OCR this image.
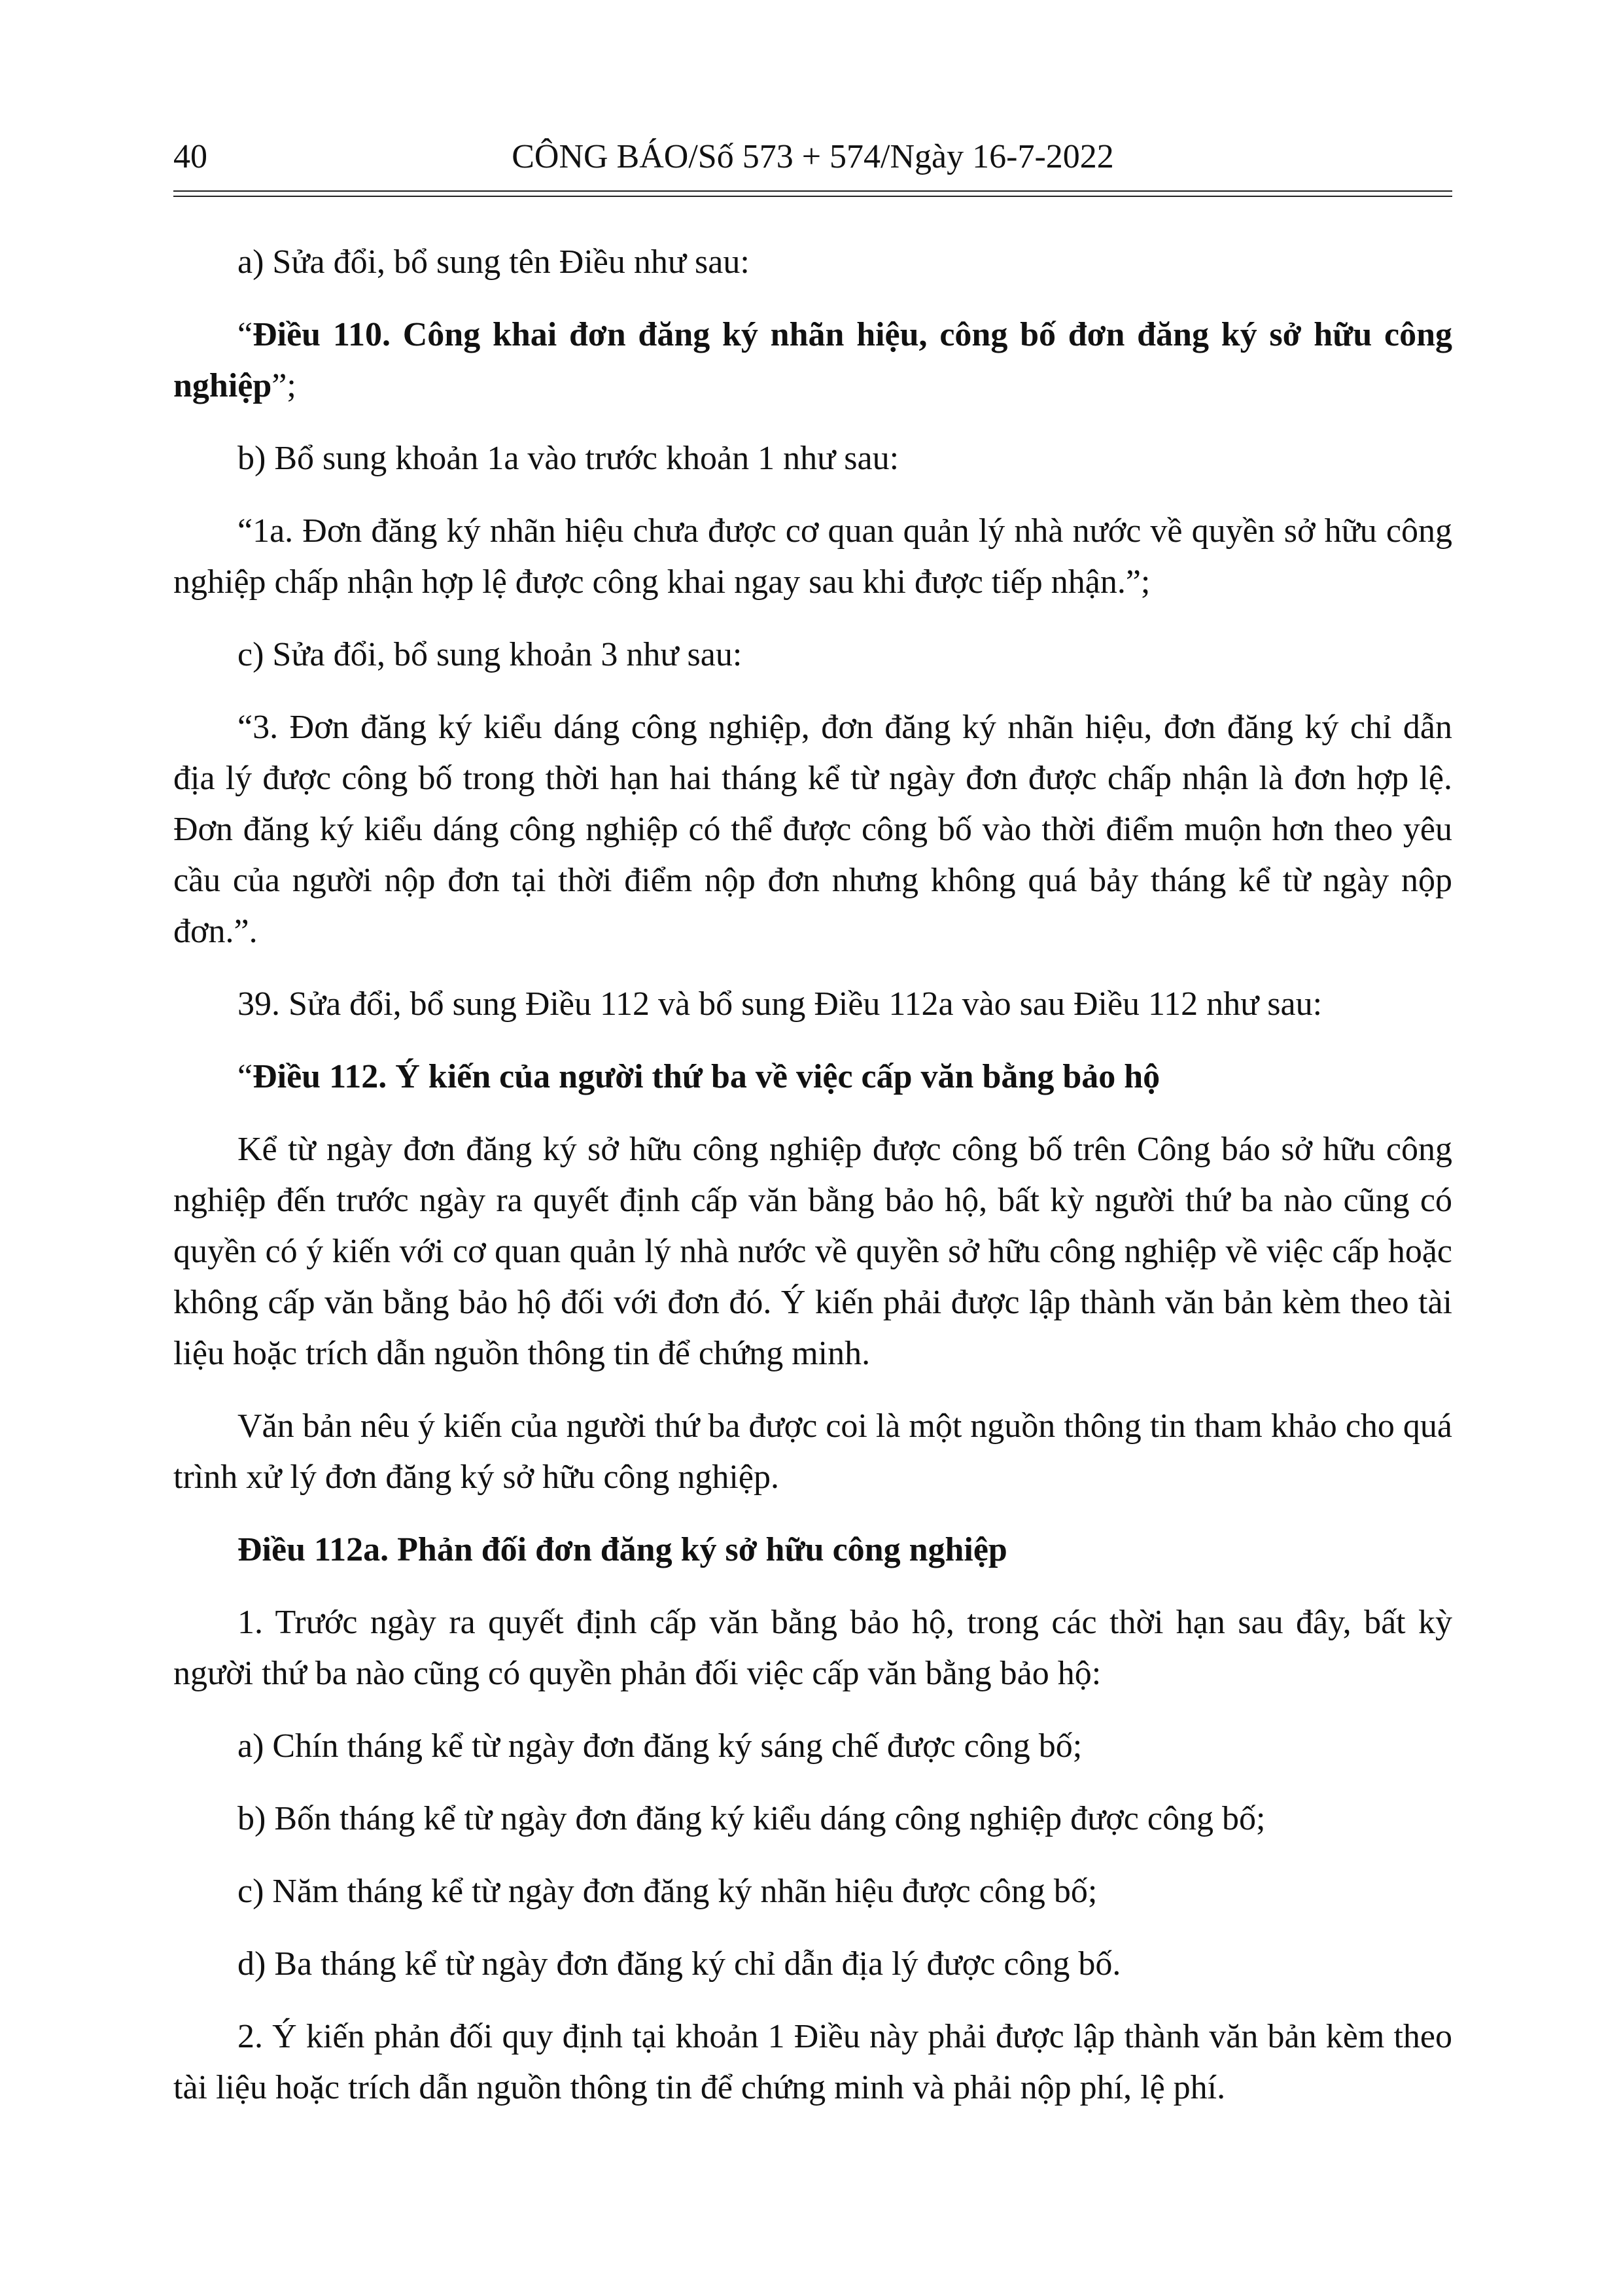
40	CÔNG BÁO/Số 573 + 574/Ngày 16-7-2022

a) Sửa đổi, bổ sung tên Điều như sau:

“Điều 110. Công khai đơn đăng ký nhãn hiệu, công bố đơn đăng ký sở hữu công nghiệp”;

b) Bổ sung khoản 1a vào trước khoản 1 như sau:

“1a. Đơn đăng ký nhãn hiệu chưa được cơ quan quản lý nhà nước về quyền sở hữu công nghiệp chấp nhận hợp lệ được công khai ngay sau khi được tiếp nhận.”;

c) Sửa đổi, bổ sung khoản 3 như sau:

“3. Đơn đăng ký kiểu dáng công nghiệp, đơn đăng ký nhãn hiệu, đơn đăng ký chỉ dẫn địa lý được công bố trong thời hạn hai tháng kể từ ngày đơn được chấp nhận là đơn hợp lệ. Đơn đăng ký kiểu dáng công nghiệp có thể được công bố vào thời điểm muộn hơn theo yêu cầu của người nộp đơn tại thời điểm nộp đơn nhưng không quá bảy tháng kể từ ngày nộp đơn.”.

39. Sửa đổi, bổ sung Điều 112 và bổ sung Điều 112a vào sau Điều 112 như sau:

“Điều 112. Ý kiến của người thứ ba về việc cấp văn bằng bảo hộ

Kể từ ngày đơn đăng ký sở hữu công nghiệp được công bố trên Công báo sở hữu công nghiệp đến trước ngày ra quyết định cấp văn bằng bảo hộ, bất kỳ người thứ ba nào cũng có quyền có ý kiến với cơ quan quản lý nhà nước về quyền sở hữu công nghiệp về việc cấp hoặc không cấp văn bằng bảo hộ đối với đơn đó. Ý kiến phải được lập thành văn bản kèm theo tài liệu hoặc trích dẫn nguồn thông tin để chứng minh.

Văn bản nêu ý kiến của người thứ ba được coi là một nguồn thông tin tham khảo cho quá trình xử lý đơn đăng ký sở hữu công nghiệp.

Điều 112a. Phản đối đơn đăng ký sở hữu công nghiệp

1. Trước ngày ra quyết định cấp văn bằng bảo hộ, trong các thời hạn sau đây, bất kỳ người thứ ba nào cũng có quyền phản đối việc cấp văn bằng bảo hộ:

a) Chín tháng kể từ ngày đơn đăng ký sáng chế được công bố;

b) Bốn tháng kể từ ngày đơn đăng ký kiểu dáng công nghiệp được công bố;

c) Năm tháng kể từ ngày đơn đăng ký nhãn hiệu được công bố;

d) Ba tháng kể từ ngày đơn đăng ký chỉ dẫn địa lý được công bố.

2. Ý kiến phản đối quy định tại khoản 1 Điều này phải được lập thành văn bản kèm theo tài liệu hoặc trích dẫn nguồn thông tin để chứng minh và phải nộp phí, lệ phí.
